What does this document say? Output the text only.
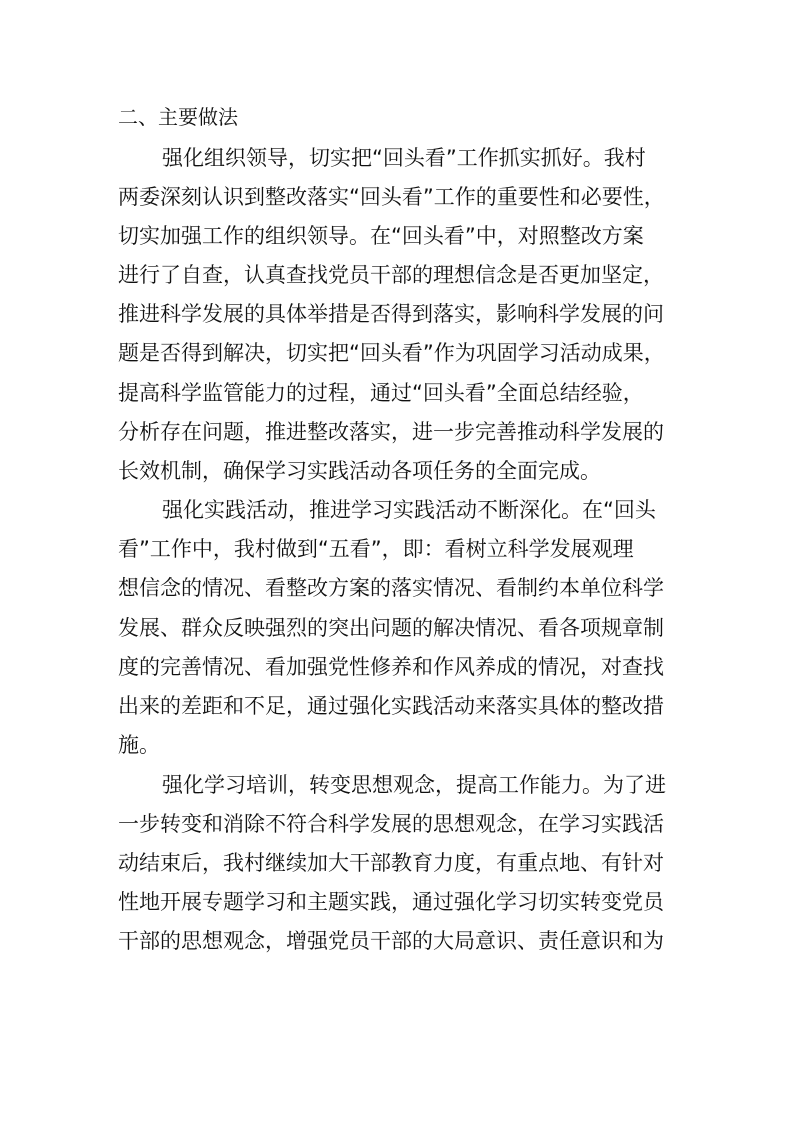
二、主要做法

强化组织领导，切实把“回头看”工作抓实抓好。我村

两委深刻认识到整改落实“回头看”工作的重要性和必要性，

切实加强工作的组织领导。在“回头看”中，对照整改方案

进行了自查，认真查找党员干部的理想信念是否更加坚定，

推进科学发展的具体举措是否得到落实，影响科学发展的问

题是否得到解决，切实把“回头看”作为巩固学习活动成果，

提高科学监管能力的过程，通过“回头看”全面总结经验，

分析存在问题，推进整改落实，进一步完善推动科学发展的

长效机制，确保学习实践活动各项任务的全面完成。

强化实践活动，推进学习实践活动不断深化。在“回头

看”工作中，我村做到“五看”，即：看树立科学发展观理

想信念的情况、看整改方案的落实情况、看制约本单位科学

发展、群众反映强烈的突出问题的解决情况、看各项规章制

度的完善情况、看加强党性修养和作风养成的情况，对查找

出来的差距和不足，通过强化实践活动来落实具体的整改措

施。

强化学习培训，转变思想观念，提高工作能力。为了进

一步转变和消除不符合科学发展的思想观念，在学习实践活

动结束后，我村继续加大干部教育力度，有重点地、有针对

性地开展专题学习和主题实践，通过强化学习切实转变党员

干部的思想观念，增强党员干部的大局意识、责任意识和为
